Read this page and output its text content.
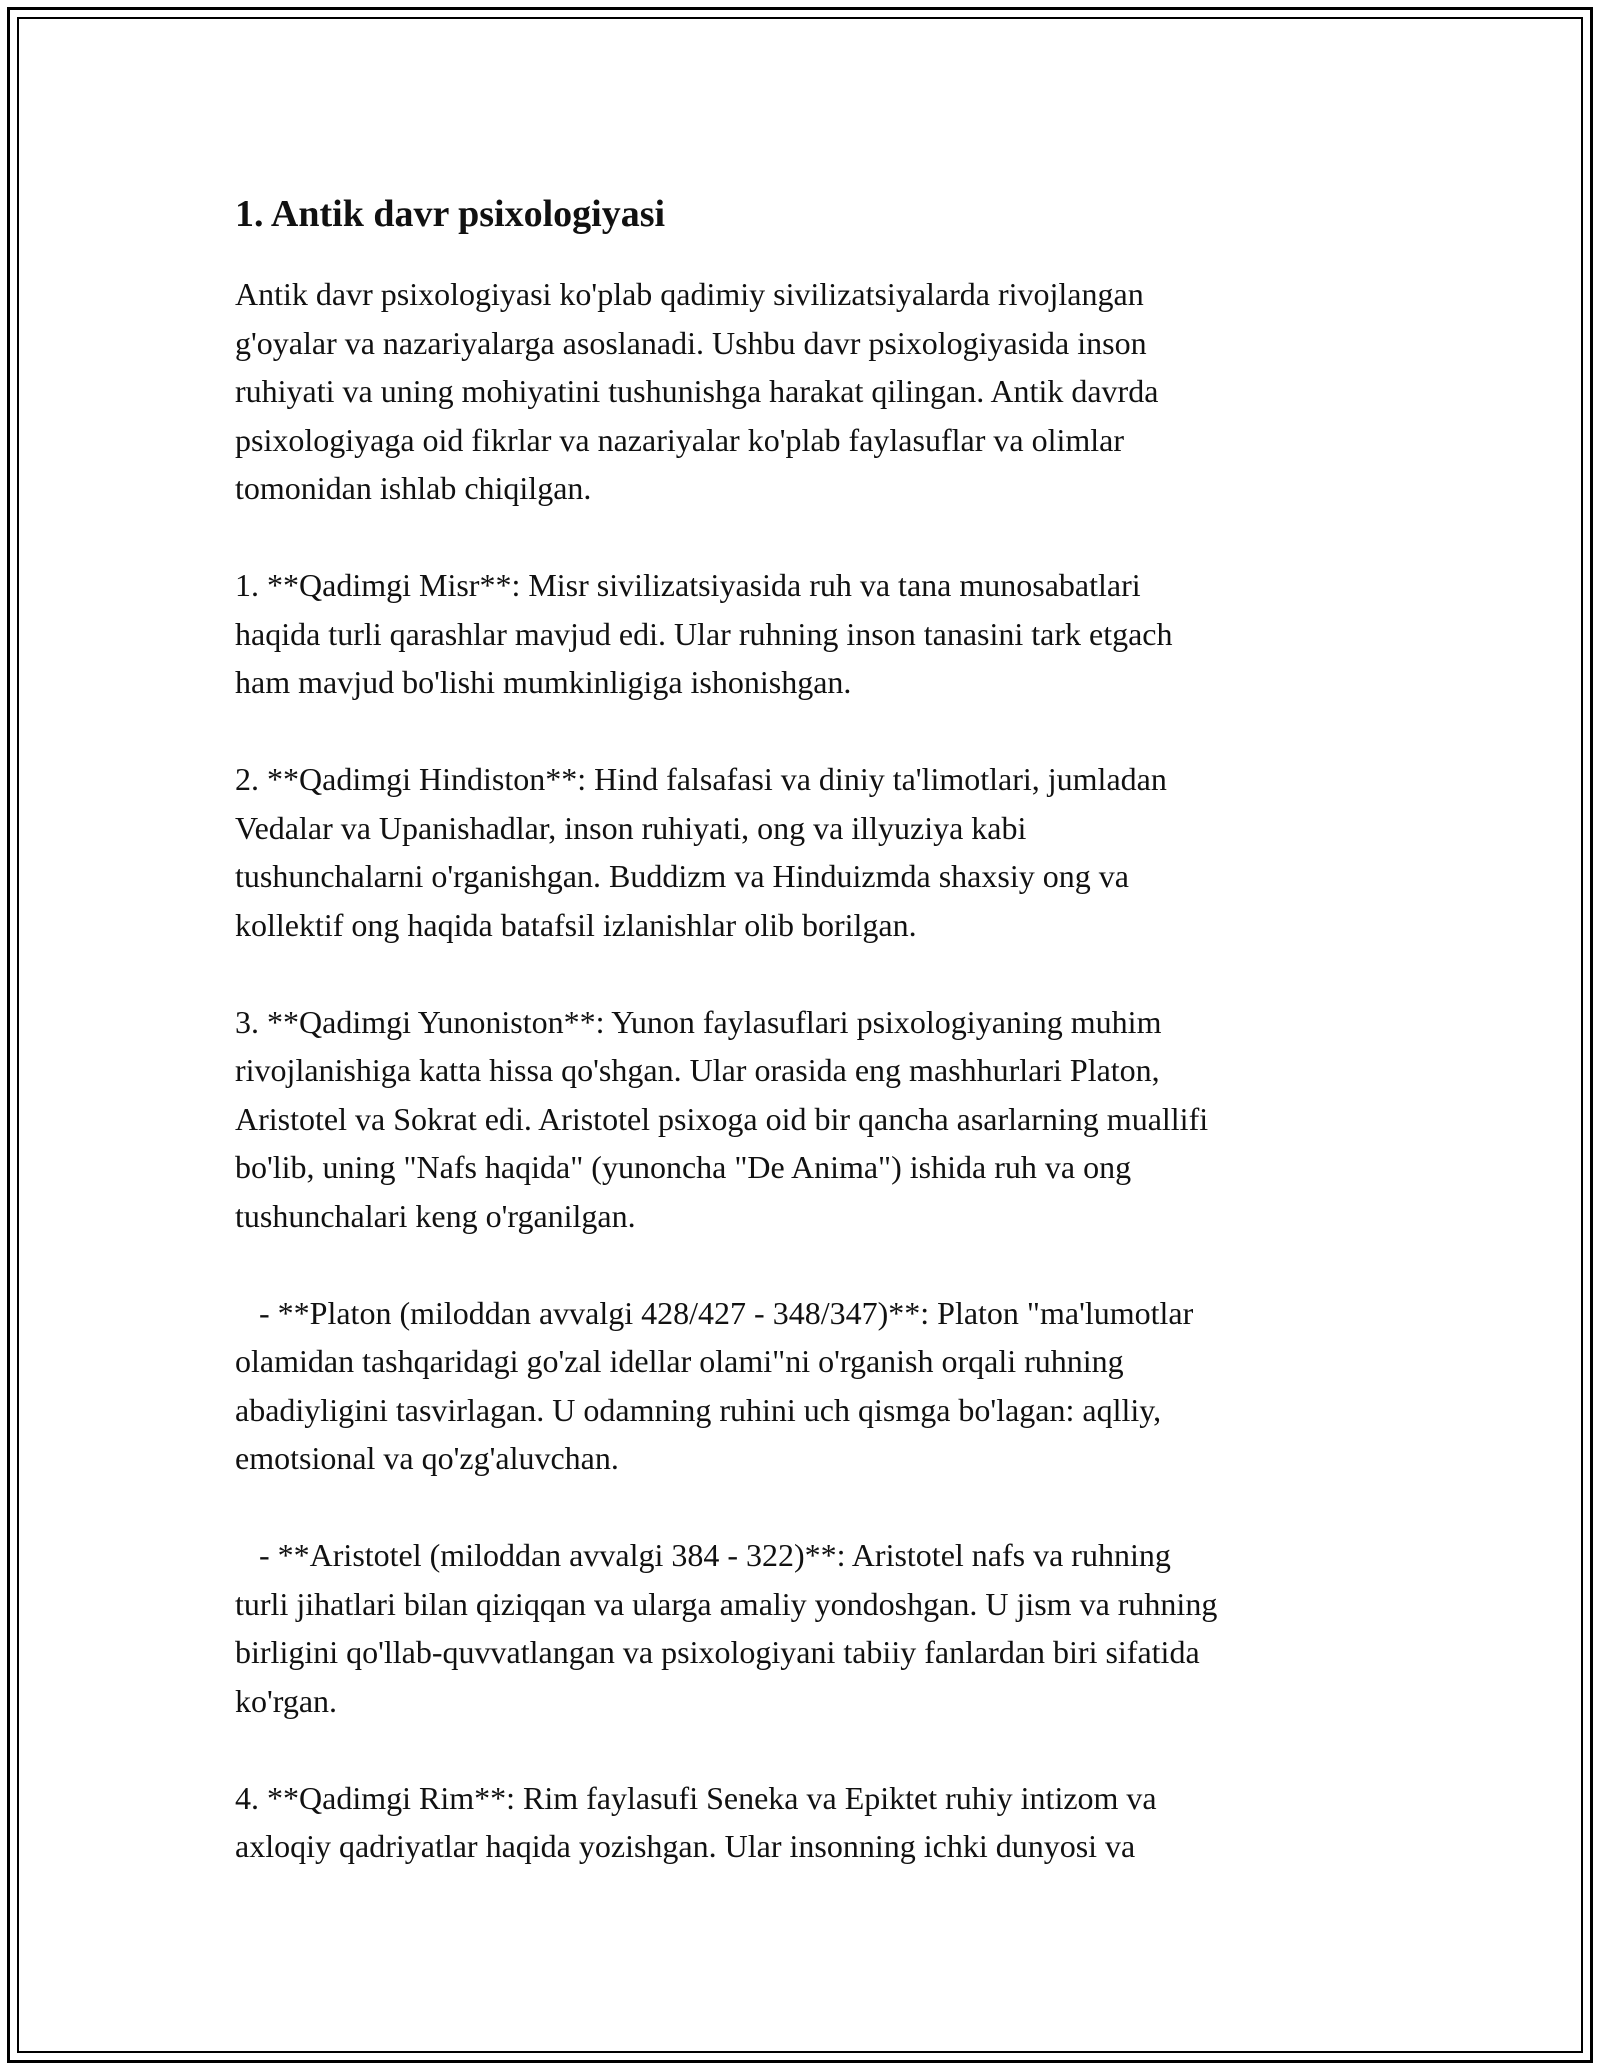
1. Antik davr psixologiyasi
Antik davr psixologiyasi ko'plab qadimiy sivilizatsiyalarda rivojlangan
g'oyalar va nazariyalarga asoslanadi. Ushbu davr psixologiyasida inson
ruhiyati va uning mohiyatini tushunishga harakat qilingan. Antik davrda
psixologiyaga oid fikrlar va nazariyalar ko'plab faylasuflar va olimlar
tomonidan ishlab chiqilgan.
1. **Qadimgi Misr**: Misr sivilizatsiyasida ruh va tana munosabatlari
haqida turli qarashlar mavjud edi. Ular ruhning inson tanasini tark etgach
ham mavjud bo'lishi mumkinligiga ishonishgan.
2. **Qadimgi Hindiston**: Hind falsafasi va diniy ta'limotlari, jumladan
Vedalar va Upanishadlar, inson ruhiyati, ong va illyuziya kabi
tushunchalarni o'rganishgan. Buddizm va Hinduizmda shaxsiy ong va
kollektif ong haqida batafsil izlanishlar olib borilgan.
3. **Qadimgi Yunoniston**: Yunon faylasuflari psixologiyaning muhim
rivojlanishiga katta hissa qo'shgan. Ular orasida eng mashhurlari Platon,
Aristotel va Sokrat edi. Aristotel psixoga oid bir qancha asarlarning muallifi
bo'lib, uning "Nafs haqida" (yunoncha "De Anima") ishida ruh va ong
tushunchalari keng o'rganilgan.
- **Platon (miloddan avvalgi 428/427 - 348/347)**: Platon "ma'lumotlar
olamidan tashqaridagi go'zal idellar olami"ni o'rganish orqali ruhning
abadiyligini tasvirlagan. U odamning ruhini uch qismga bo'lagan: aqlliy,
emotsional va qo'zg'aluvchan.
- **Aristotel (miloddan avvalgi 384 - 322)**: Aristotel nafs va ruhning
turli jihatlari bilan qiziqqan va ularga amaliy yondoshgan. U jism va ruhning
birligini qo'llab-quvvatlangan va psixologiyani tabiiy fanlardan biri sifatida
ko'rgan.
4. **Qadimgi Rim**: Rim faylasufi Seneka va Epiktet ruhiy intizom va
axloqiy qadriyatlar haqida yozishgan. Ular insonning ichki dunyosi va
